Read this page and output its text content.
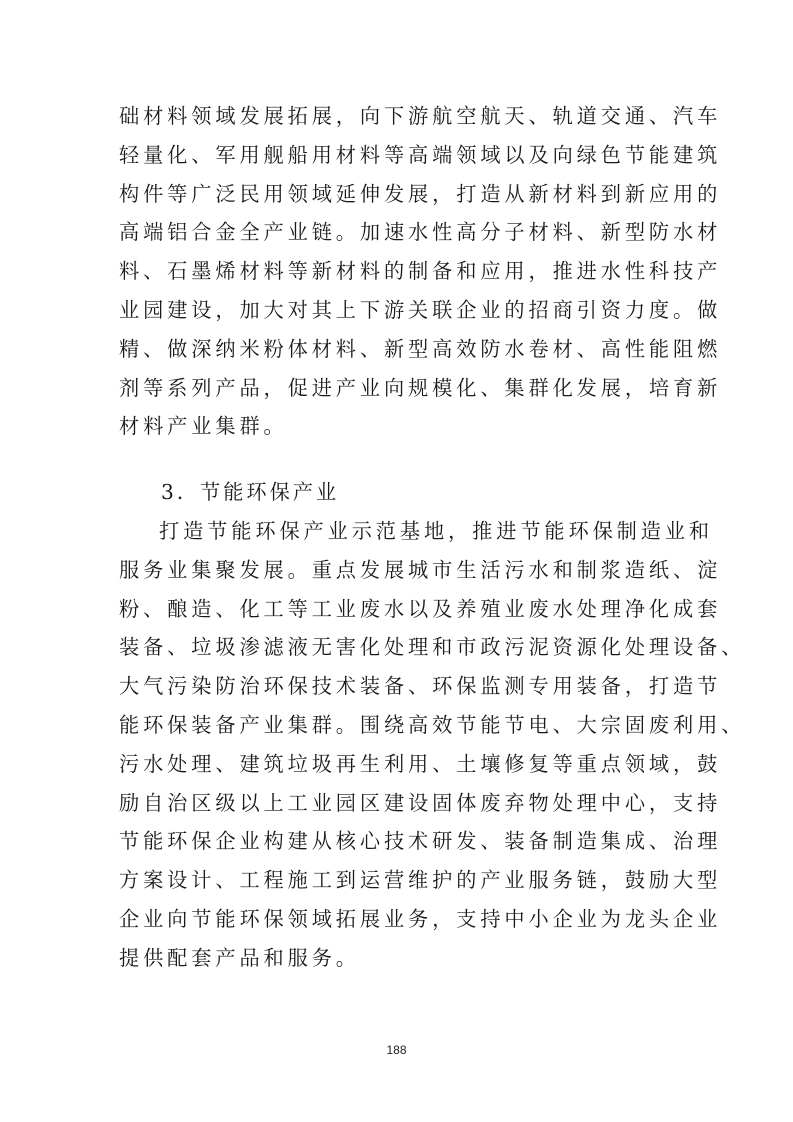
础材料领域发展拓展，向下游航空航天、轨道交通、汽车
轻量化、军用舰船用材料等高端领域以及向绿色节能建筑
构件等广泛民用领域延伸发展，打造从新材料到新应用的
高端铝合金全产业链。加速水性高分子材料、新型防水材
料、石墨烯材料等新材料的制备和应用，推进水性科技产
业园建设，加大对其上下游关联企业的招商引资力度。做
精、做深纳米粉体材料、新型高效防水卷材、高性能阻燃
剂等系列产品，促进产业向规模化、集群化发展，培育新
材料产业集群。
3．节能环保产业
打造节能环保产业示范基地，推进节能环保制造业和
服务业集聚发展。重点发展城市生活污水和制浆造纸、淀
粉、酿造、化工等工业废水以及养殖业废水处理净化成套
装备、垃圾渗滤液无害化处理和市政污泥资源化处理设备、
大气污染防治环保技术装备、环保监测专用装备，打造节
能环保装备产业集群。围绕高效节能节电、大宗固废利用、
污水处理、建筑垃圾再生利用、土壤修复等重点领域，鼓
励自治区级以上工业园区建设固体废弃物处理中心，支持
节能环保企业构建从核心技术研发、装备制造集成、治理
方案设计、工程施工到运营维护的产业服务链，鼓励大型
企业向节能环保领域拓展业务，支持中小企业为龙头企业
提供配套产品和服务。
188
